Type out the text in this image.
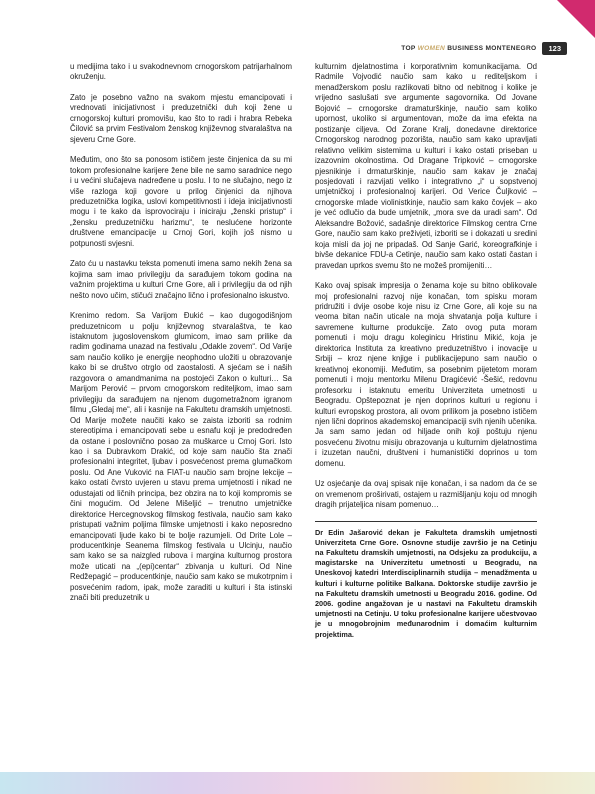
TOP WOMEN BUSINESS MONTENEGRO	123

u medijima tako i u svakodnevnom crnogorskom patrijarhalnom okruženju.

Zato je posebno važno na svakom mjestu emancipovati i vrednovati inicijativnost i preduzetnički duh koji žene u crnogorskoj kulturi promovišu, kao što to radi i hrabra Rebeka Čilović sa prvim Festivalom ženskog književnog stvaralaštva na sjeveru Crne Gore.

Međutim, ono što sa ponosom ističem jeste činjenica da su mi tokom profesionalne karijere žene bile ne samo saradnice nego i u većini slučajeva nadređene u poslu. I to ne slučajno, nego iz više razloga koji govore u prilog činjenici da njihova preduzetnička logika, uslovi kompetitivnosti i ideja inicijativnosti mogu i te kako da isprovociraju i iniciraju „ženski pristup“ i „žensku preduzetničku harizmu“, te neslućene horizonte društvene emancipacije u Crnoj Gori, kojih još nismo u potpunosti svjesni.

Zato ću u nastavku teksta pomenuti imena samo nekih žena sa kojima sam imao privilegiju da sarađujem tokom godina na važnim projektima u kulturi Crne Gore, ali i privilegiju da od njih nešto novo učim, stičući značajno lično i profesionalno iskustvo.

Krenimo redom. Sa Varijom Đukić – kao dugogodišnjom preduzetnicom u polju književnog stvaralaštva, te kao istaknutom jugoslovenskom glumicom, imao sam prilike da radim godinama unazad na festivalu „Odakle zovem“. Od Varije sam naučio koliko je energije neophodno uložiti u obrazovanje kako bi se društvo otrglo od zaostalosti. A sjećam se i naših razgovora o amandmanima na postojeći Zakon o kulturi… Sa Marijom Perović – prvom crnogorskom rediteljkom, imao sam privilegiju da sarađujem na njenom dugometražnom igranom filmu „Gledaj me“, ali i kasnije na Fakultetu dramskih umjetnosti. Od Marije možete naučiti kako se zaista izboriti sa rodnim stereotipima i emancipovati sebe u esnafu koji je predodređen da ostane i poslovnično posao za muškarce u Crnoj Gori. Isto kao i sa Dubravkom Drakić, od koje sam naučio šta znači profesionalni integritet, ljubav i posvećenost prema glumačkom poslu. Od Ane Vuković na FIAT-u naučio sam brojne lekcije – kako ostati čvrsto uvjeren u stavu prema umjetnosti i nikad ne odustajati od ličnih principa, bez obzira na to koji kompromis se čini mogućim. Od Jelene Mišeljić – trenutno umjetničke direktorice Hercegnovskog filmskog festivala, naučio sam kako pristupati važnim poljima filmske umjetnosti i kako neposredno emancipovati ljude kako bi te bolje razumjeli. Od Drite Lole – producentkinje Seanema filmskog festivala u Ulcinju, naučio sam kako se sa naizgled rubova i margina kulturnog prostora može uticati na „(epi)centar“ zbivanja u kulturi. Od Nine Redžepagić – producentkinje, naučio sam kako se mukotrpnim i posvećenim radom, ipak, može zaraditi u kulturi i šta istinski znači biti preduzetnik u

kulturnim djelatnostima i korporativnim komunikacijama. Od Radmile Vojvodić naučio sam kako u rediteljskom i menadžerskom poslu razlikovati bitno od nebitnog i kolike je vrijedno saslušati sve argumente sagovornika. Od Jovane Bojović – crnogorske dramaturškinje, naučio sam koliko upornost, ukoliko si argumentovan, može da ima efekta na postizanje cilјeva. Od Zorane Kralj, donedavne direktorice Crnogorskog narodnog pozorišta, naučio sam kako upravljati relativno velikim sistemima u kulturi i kako ostati priseban u izazovnim okolnostima. Od Dragane Tripković – crnogorske pjesnikinje i drmaturškinje, naučio sam kakav je značaj posjedovati i razvijati veliko i integrativno „i“ u sopstvenoj umjetničkoj i profesionalnoj karijeri. Od Verice Čuljković – crnogorske mlade violinistkinje, naučio sam kako čovjek – ako je već odlučio da bude umjetnik, „mora sve da uradi sam“. Od Aleksandre Božović, sadašnje direktorice Filmskog centra Crne Gore, naučio sam kako preživjeti, izboriti se i dokazati u sredini koja misli da joj ne pripadaš. Od Sanje Garić, koreografkinje i bivše dekanice FDU-a Cetinje, naučio sam kako ostati častan i pravedan uprkos svemu što ne možeš promijeniti…

Kako ovaj spisak impresija o ženama koje su bitno oblikovale moj profesionalni razvoj nije konačan, tom spisku moram pridružiti i dvije osobe koje nisu iz Crne Gore, ali koje su na veoma bitan način uticale na moja shvatanja polja kulture i savremene kulturne produkcije. Zato ovog puta moram pomenuti i moju dragu koleginicu Hristinu Mikić, koja je direktorica Instituta za kreativno preduzetništvo i inovacije u Srbiji – kroz njene knjige i publikacijepuno sam naučio o kreativnoj ekonomiji. Međutim, sa posebnim pijetetom moram pomenuti i moju mentorku Milenu Dragićević -Šešić, redovnu profesorku i istaknutu emeritu Univerziteta umetnosti u Beogradu. Opštepoznat je njen doprinos kulturi u regionu i kulturi evropskog prostora, ali ovom prilikom ja posebno ističem njen lični doprinos akademskoj emancipaciji svih njenih učenika. Ja sam samo jedan od hiljade onih koji poštuju njenu posvećenu životnu misiju obrazovanja u kulturnim djelatnostima i izuzetan naučni, društveni i humanistički doprinos u tom domenu.

Uz osjećanje da ovaj spisak nije konačan, i sa nadom da će se on vremenom proširivati, ostajem u razmišljanju koju od mnogih dragih prijatelјica nisam pomenuo…

Dr Edin Jašarović dekan je Fakulteta dramskih umjetnosti Univerziteta Crne Gore. Osnovne studije završio je na Cetinju na Fakultetu dramskih umjetnosti, na Odsjeku za produkciju, a magistarske na Univerzitetu umetnosti u Beogradu, na Uneskovoj katedri Interdisciplinarnih studija – menadžmenta u kulturi i kulturne politike Balkana. Doktorske studije završio je na Fakultetu dramskih umetnosti u Beogradu 2016. godine. Od 2006. godine angažovan je u nastavi na Fakultetu dramskih umjetnosti na Cetinju. U toku profesionalne karijere učestvovao je u mnogobrojnim međunarodnim i domaćim kulturnim projektima.
